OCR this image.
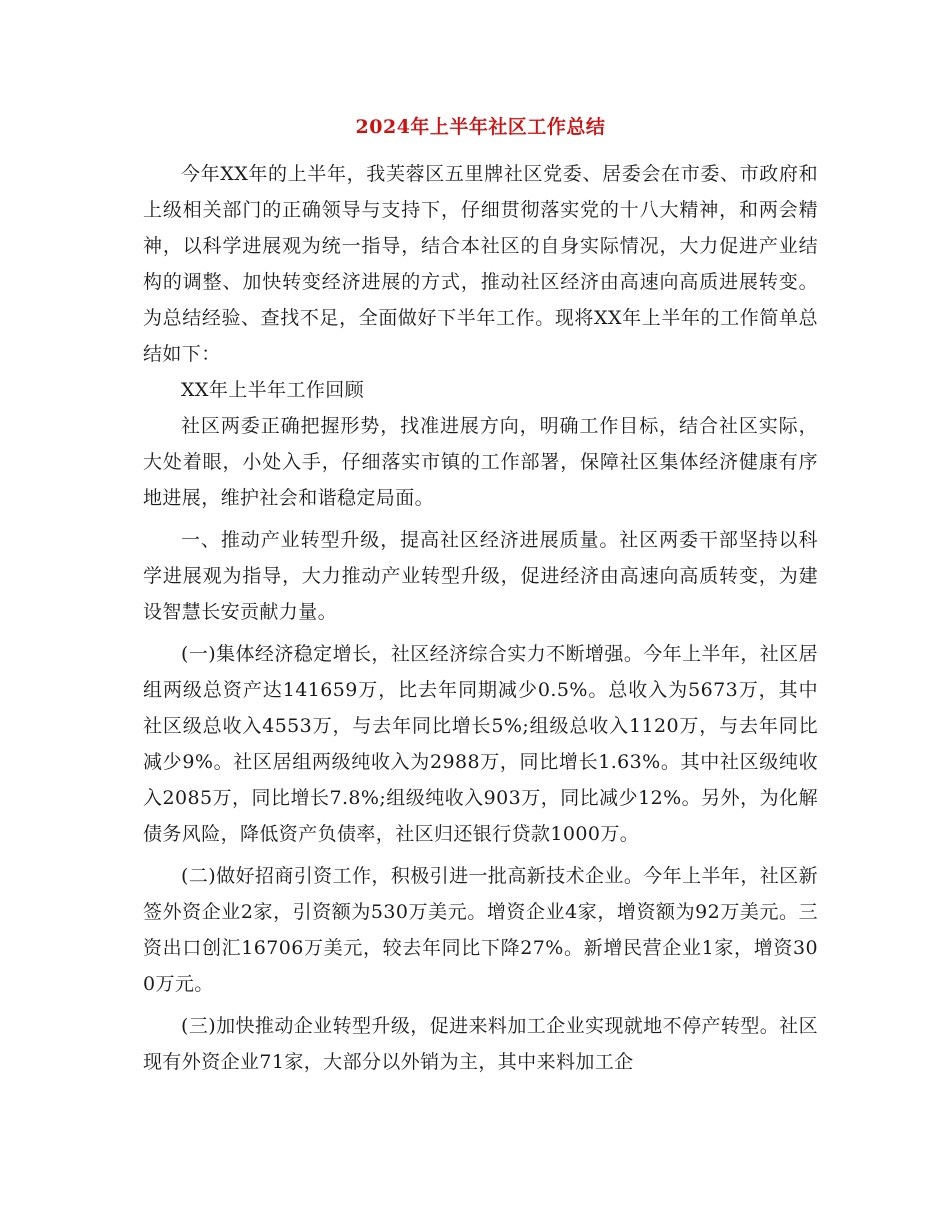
2024年上半年社区工作总结

今年XX年的上半年，我芙蓉区五里牌社区党委、居委会在市委、市政府和上级相关部门的正确领导与支持下，仔细贯彻落实党的十八大精神，和两会精神，以科学进展观为统一指导，结合本社区的自身实际情况，大力促进产业结构的调整、加快转变经济进展的方式，推动社区经济由高速向高质进展转变。为总结经验、查找不足，全面做好下半年工作。现将XX年上半年的工作简单总结如下：

XX年上半年工作回顾

社区两委正确把握形势，找准进展方向，明确工作目标，结合社区实际，大处着眼，小处入手，仔细落实市镇的工作部署，保障社区集体经济健康有序地进展，维护社会和谐稳定局面。

一、推动产业转型升级，提高社区经济进展质量。社区两委干部坚持以科学进展观为指导，大力推动产业转型升级，促进经济由高速向高质转变，为建设智慧长安贡献力量。

(一)集体经济稳定增长，社区经济综合实力不断增强。今年上半年，社区居组两级总资产达141659万，比去年同期减少0.5%。总收入为5673万，其中社区级总收入4553万，与去年同比增长5%;组级总收入1120万，与去年同比减少9%。社区居组两级纯收入为2988万，同比增长1.63%。其中社区级纯收入2085万，同比增长7.8%;组级纯收入903万，同比减少12%。另外，为化解债务风险，降低资产负债率，社区归还银行贷款1000万。

(二)做好招商引资工作，积极引进一批高新技术企业。今年上半年，社区新签外资企业2家，引资额为530万美元。增资企业4家，增资额为92万美元。三资出口创汇16706万美元，较去年同比下降27%。新增民营企业1家，增资300万元。

(三)加快推动企业转型升级，促进来料加工企业实现就地不停产转型。社区现有外资企业71家，大部分以外销为主，其中来料加工企
